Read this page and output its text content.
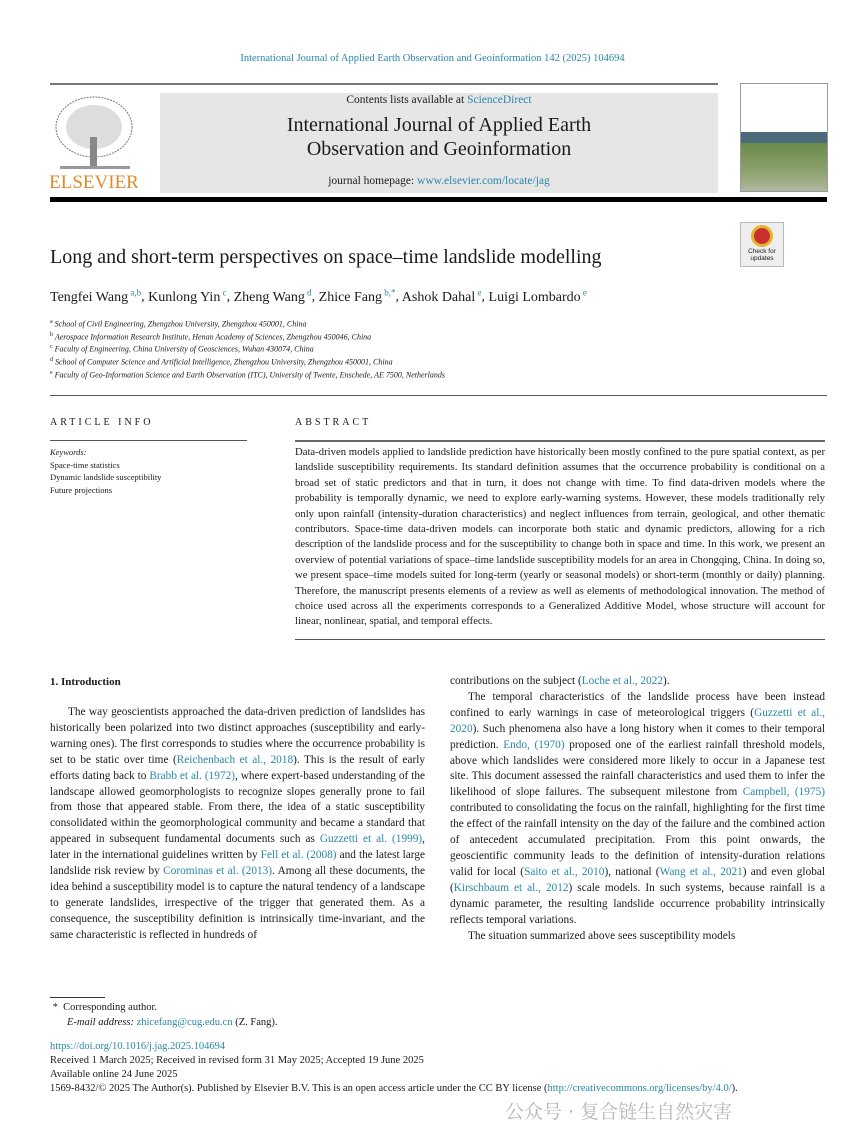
International Journal of Applied Earth Observation and Geoinformation 142 (2025) 104694
ELSEVIER
Contents lists available at ScienceDirect
International Journal of Applied Earth
Observation and Geoinformation
journal homepage: www.elsevier.com/locate/jag
Check for updates
Long and short-term perspectives on space–time landslide modelling
Tengfei Wang $^{a,b}$, Kunlong Yin $^c$, Zheng Wang $^d$, Zhice Fang $^{b,*}$, Ashok Dahal $^e$, Luigi Lombardo $^e$
$^a$ School of Civil Engineering, Zhengzhou University, Zhengzhou 450001, China
$^b$ Aerospace Information Research Institute, Henan Academy of Sciences, Zhengzhou 450046, China
$^c$ Faculty of Engineering, China University of Geosciences, Wuhan 430074, China
$^d$ School of Computer Science and Artificial Intelligence, Zhengzhou University, Zhengzhou 450001, China
$^e$ Faculty of Geo-Information Science and Earth Observation (ITC), University of Twente, Enschede, AE 7500, Netherlands
ARTICLE INFO
Keywords:
Space-time statistics
Dynamic landslide susceptibility
Future projections
ABSTRACT
Data-driven models applied to landslide prediction have historically been mostly confined to the pure spatial context, as per landslide susceptibility requirements. Its standard definition assumes that the occurrence probability is conditional on a broad set of static predictors and that in turn, it does not change with time. To find data-driven models where the probability is temporally dynamic, we need to explore early-warning systems. However, these models traditionally rely only upon rainfall (intensity-duration characteristics) and neglect influences from terrain, geological, and other thematic contributors. Space-time data-driven models can incorporate both static and dynamic predictors, allowing for a rich description of the landslide process and for the susceptibility to change both in space and time. In this work, we present an overview of potential variations of space–time landslide susceptibility models for an area in Chongqing, China. In doing so, we present space–time models suited for long-term (yearly or seasonal models) or short-term (monthly or daily) planning. Therefore, the manuscript presents elements of a review as well as elements of methodological innovation. The method of choice used across all the experiments corresponds to a Generalized Additive Model, whose structure will account for linear, nonlinear, spatial, and temporal effects.
1. Introduction

The way geoscientists approached the data-driven prediction of landslides has historically been polarized into two distinct approaches (susceptibility and early-warning ones). The first corresponds to studies where the occurrence probability is set to be static over time (Reichenbach et al., 2018). This is the result of early efforts dating back to Brabb et al. (1972), where expert-based understanding of the landscape allowed geomorphologists to recognize slopes generally prone to fail from those that appeared stable. From there, the idea of a static susceptibility consolidated within the geomorphological community and became a standard that appeared in subsequent fundamental documents such as Guzzetti et al. (1999), later in the international guidelines written by Fell et al. (2008) and the latest large landslide risk review by Corominas et al. (2013). Among all these documents, the idea behind a susceptibility model is to capture the natural tendency of a landscape to generate landslides, irrespective of the trigger that generated them. As a consequence, the susceptibility definition is intrinsically time-invariant, and the same characteristic is reflected in hundreds of

contributions on the subject (Loche et al., 2022).

The temporal characteristics of the landslide process have been instead confined to early warnings in case of meteorological triggers (Guzzetti et al., 2020). Such phenomena also have a long history when it comes to their temporal prediction. Endo, (1970) proposed one of the earliest rainfall threshold models, above which landslides were considered more likely to occur in a Japanese test site. This document assessed the rainfall characteristics and used them to infer the likelihood of slope failures. The subsequent milestone from Campbell, (1975) contributed to consolidating the focus on the rainfall, highlighting for the first time the effect of the rainfall intensity on the day of the failure and the combined action of antecedent accumulated precipitation. From this point onwards, the geoscientific community leads to the definition of intensity-duration relations valid for local (Saito et al., 2010), national (Wang et al., 2021) and even global (Kirschbaum et al., 2012) scale models. In such systems, because rainfall is a dynamic parameter, the resulting landslide occurrence probability intrinsically reflects temporal variations.

The situation summarized above sees susceptibility models

* Corresponding author.
E-mail address: zhicefang@cug.edu.cn (Z. Fang).
https://doi.org/10.1016/j.jag.2025.104694
Received 1 March 2025; Received in revised form 31 May 2025; Accepted 19 June 2025
Available online 24 June 2025
1569-8432/© 2025 The Author(s). Published by Elsevier B.V. This is an open access article under the CC BY license (http://creativecommons.org/licenses/by/4.0/).
公众号 · 复合链生自然灾害
